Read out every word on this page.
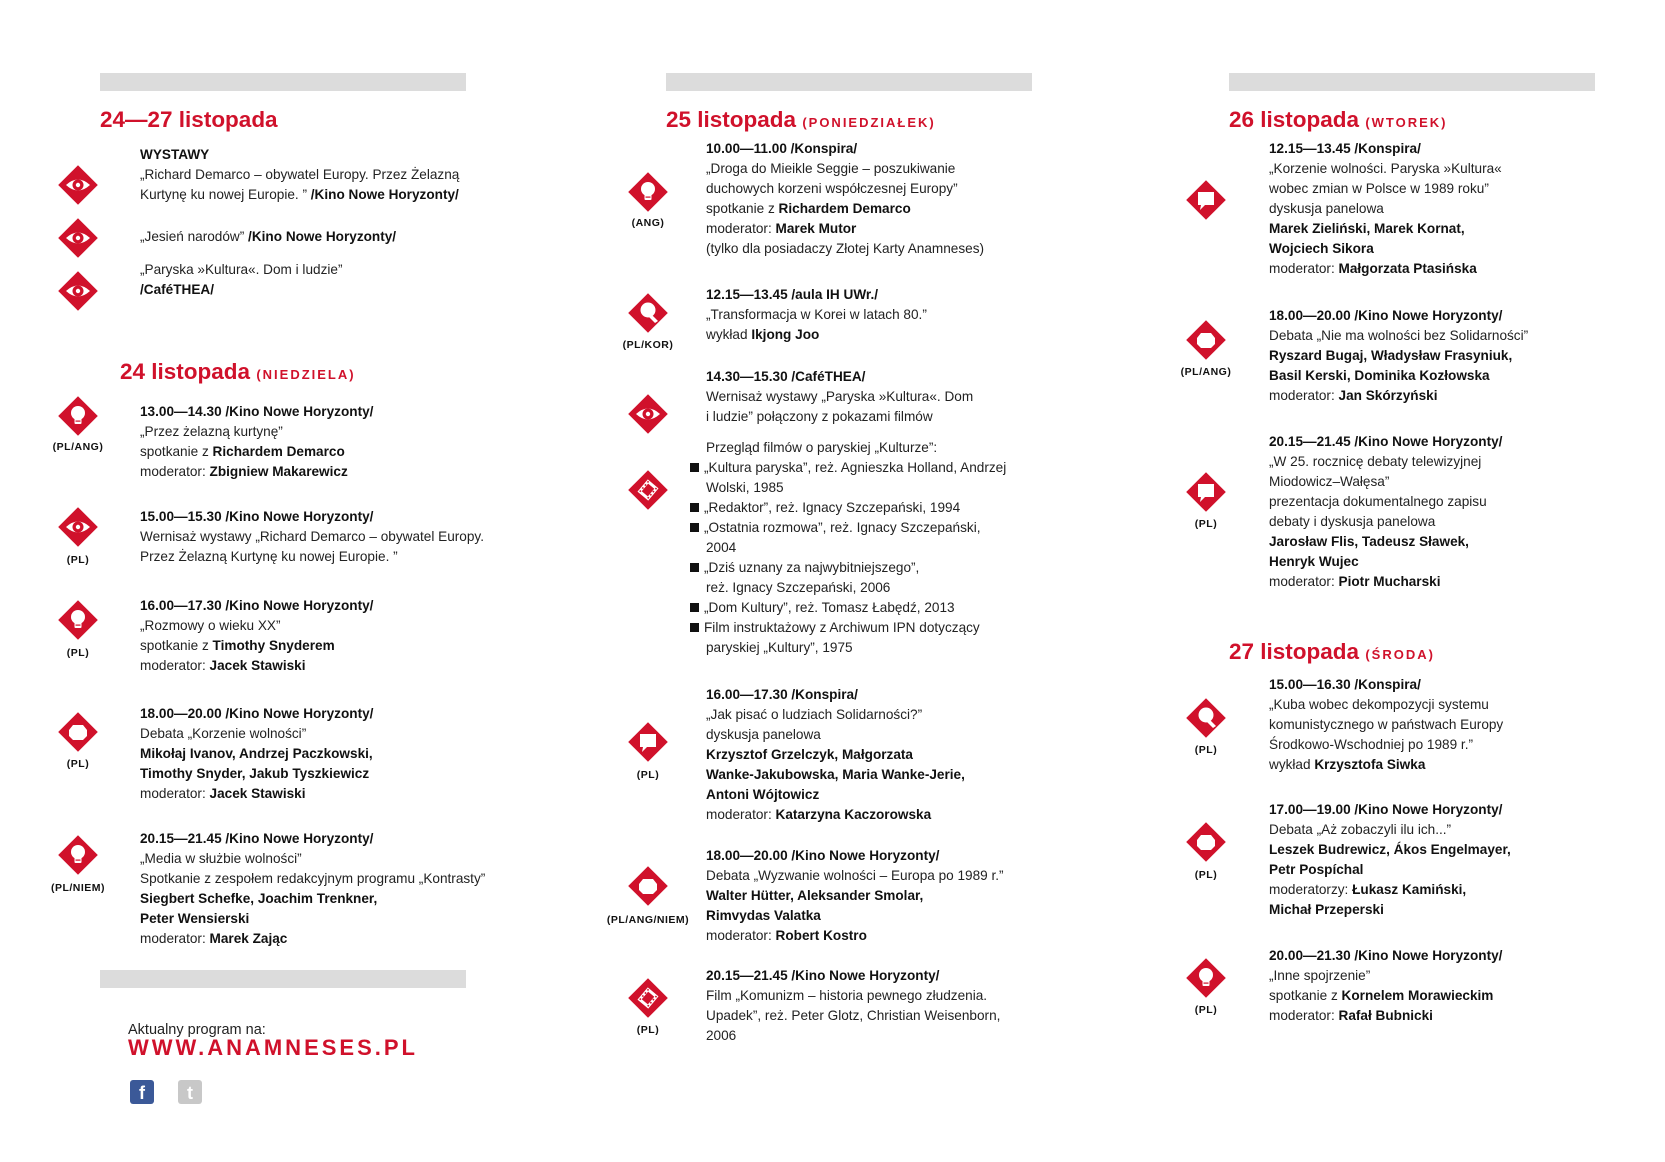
24—27 listopada
WYSTAWY
„Richard Demarco – obywatel Europy. Przez Żelazną
Kurtynę ku nowej Europie. ” /Kino Nowe Horyzonty/
„Jesień narodów” /Kino Nowe Horyzonty/
„Paryska »Kultura«. Dom i ludzie”
/CaféTHEA/
24 listopada (NIEDZIELA)
13.00—14.30 /Kino Nowe Horyzonty/
„Przez żelazną kurtynę”
spotkanie z Richardem Demarco
moderator: Zbigniew Makarewicz
(PL/ANG)
15.00—15.30 /Kino Nowe Horyzonty/
Wernisaż wystawy „Richard Demarco – obywatel Europy.
Przez Żelazną Kurtynę ku nowej Europie. ”
(PL)
16.00—17.30 /Kino Nowe Horyzonty/
„Rozmowy o wieku XX”
spotkanie z Timothy Snyderem
moderator: Jacek Stawiski
(PL)
18.00—20.00 /Kino Nowe Horyzonty/
Debata „Korzenie wolności”
Mikołaj Ivanov, Andrzej Paczkowski,
Timothy Snyder, Jakub Tyszkiewicz
moderator: Jacek Stawiski
(PL)
20.15—21.45 /Kino Nowe Horyzonty/
„Media w służbie wolności”
Spotkanie z zespołem redakcyjnym programu „Kontrasty”
Siegbert Schefke, Joachim Trenkner,
Peter Wensierski
moderator: Marek Zając
(PL/NIEM)
Aktualny program na:
WWW.ANAMNESES.PL
f	t
25 listopada (PONIEDZIAŁEK)
10.00—11.00 /Konspira/
„Droga do Mieikle Seggie – poszukiwanie
duchowych korzeni współczesnej Europy”
spotkanie z Richardem Demarco
moderator: Marek Mutor
(tylko dla posiadaczy Złotej Karty Anamneses)
(ANG)
12.15—13.45 /aula IH UWr./
„Transformacja w Korei w latach 80.”
wykład Ikjong Joo
(PL/KOR)
14.30—15.30 /CaféTHEA/
Wernisaż wystawy „Paryska »Kultura«. Dom
i ludzie” połączony z pokazami filmów
Przegląd filmów o paryskiej „Kulturze”:
„Kultura paryska”, reż. Agnieszka Holland, Andrzej
Wolski, 1985
„Redaktor”, reż. Ignacy Szczepański, 1994
„Ostatnia rozmowa”, reż. Ignacy Szczepański,
2004
„Dziś uznany za najwybitniejszego”,
reż. Ignacy Szczepański, 2006
„Dom Kultury”, reż. Tomasz Łabędź, 2013
Film instruktażowy z Archiwum IPN dotyczący
paryskiej „Kultury”, 1975
16.00—17.30 /Konspira/
„Jak pisać o ludziach Solidarności?”
dyskusja panelowa
Krzysztof Grzelczyk, Małgorzata
Wanke-Jakubowska, Maria Wanke-Jerie,
Antoni Wójtowicz
moderator: Katarzyna Kaczorowska
(PL)
18.00—20.00 /Kino Nowe Horyzonty/
Debata „Wyzwanie wolności – Europa po 1989 r.”
Walter Hütter, Aleksander Smolar,
Rimvydas Valatka
moderator: Robert Kostro
(PL/ANG/NIEM)
20.15—21.45 /Kino Nowe Horyzonty/
Film „Komunizm – historia pewnego złudzenia.
Upadek”, reż. Peter Glotz, Christian Weisenborn,
2006
(PL)
26 listopada (WTOREK)
12.15—13.45 /Konspira/
„Korzenie wolności. Paryska »Kultura«
wobec zmian w Polsce w 1989 roku”
dyskusja panelowa
Marek Zieliński, Marek Kornat,
Wojciech Sikora
moderator: Małgorzata Ptasińska
18.00—20.00 /Kino Nowe Horyzonty/
Debata „Nie ma wolności bez Solidarności”
Ryszard Bugaj, Władysław Frasyniuk,
Basil Kerski, Dominika Kozłowska
moderator: Jan Skórzyński
(PL/ANG)
20.15—21.45 /Kino Nowe Horyzonty/
„W 25. rocznicę debaty telewizyjnej
Miodowicz–Wałęsa”
prezentacja dokumentalnego zapisu
debaty i dyskusja panelowa
Jarosław Flis, Tadeusz Sławek,
Henryk Wujec
moderator: Piotr Mucharski
(PL)
27 listopada (ŚRODA)
15.00—16.30 /Konspira/
„Kuba wobec dekompozycji systemu
komunistycznego w państwach Europy
Środkowo-Wschodniej po 1989 r.”
wykład Krzysztofa Siwka
(PL)
17.00—19.00 /Kino Nowe Horyzonty/
Debata „Aż zobaczyli ilu ich...”
Leszek Budrewicz, Ákos Engelmayer,
Petr Pospíchal
moderatorzy: Łukasz Kamiński,
Michał Przeperski
(PL)
20.00—21.30 /Kino Nowe Horyzonty/
„Inne spojrzenie”
spotkanie z Kornelem Morawieckim
moderator: Rafał Bubnicki
(PL)
